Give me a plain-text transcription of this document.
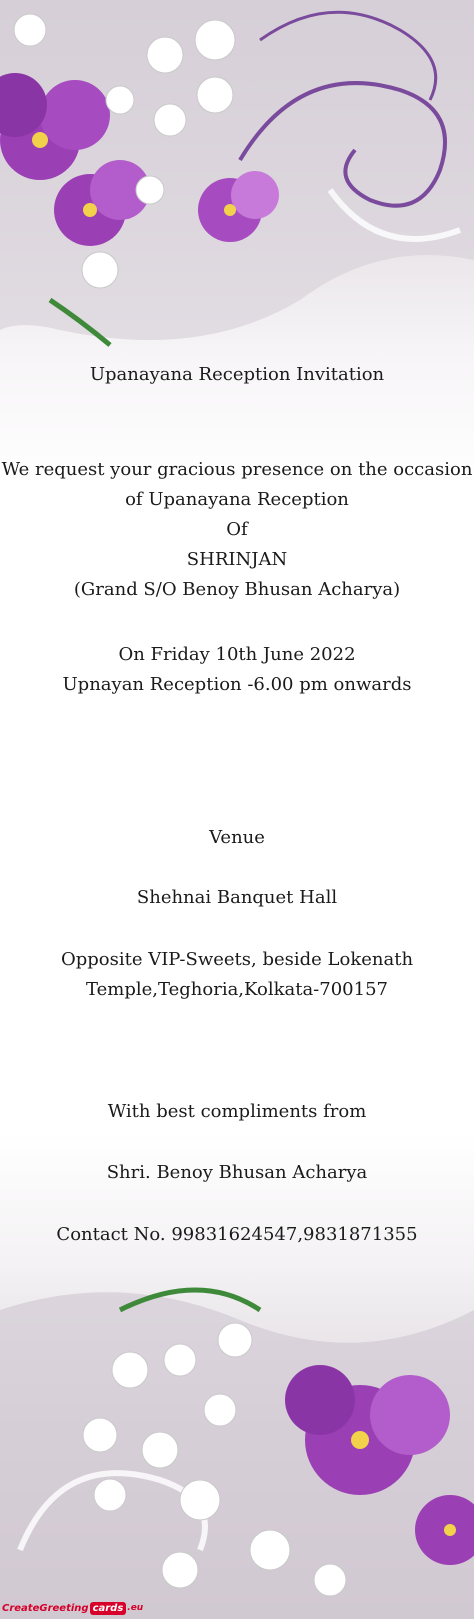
Upanayana Reception Invitation
We request your gracious presence on the occasion
of Upanayana Reception
Of
SHRINJAN
(Grand S/O Benoy Bhusan Acharya)
On Friday 10th June 2022
Upnayan Reception -6.00 pm onwards
Venue
Shehnai Banquet Hall
Opposite VIP-Sweets, beside Lokenath
Temple,Teghoria,Kolkata-700157
With best compliments from
Shri. Benoy Bhusan Acharya
Contact No. 99831624547,9831871355
CreateGreeting cards .eu
